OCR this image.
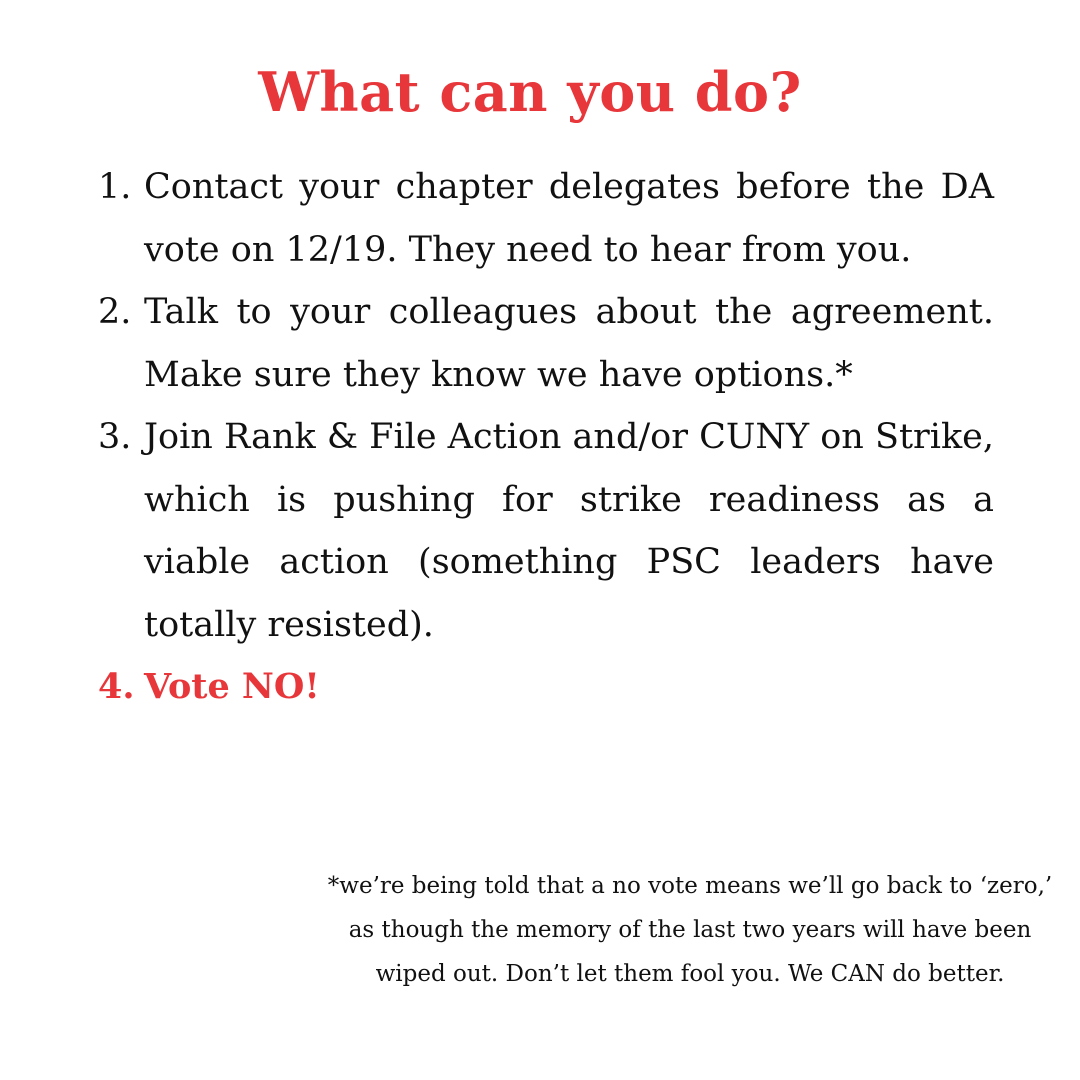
What can you do?
1. Contact your chapter delegates before the DA vote on 12/19. They need to hear from you.
2. Talk to your colleagues about the agreement. Make sure they know we have options.*
3. Join Rank & File Action and/or CUNY on Strike, which is pushing for strike readiness as a viable action (something PSC leaders have totally resisted).
4. Vote NO!
*we’re being told that a no vote means we’ll go back to ‘zero,’ as though the memory of the last two years will have been wiped out. Don’t let them fool you. We CAN do better.
